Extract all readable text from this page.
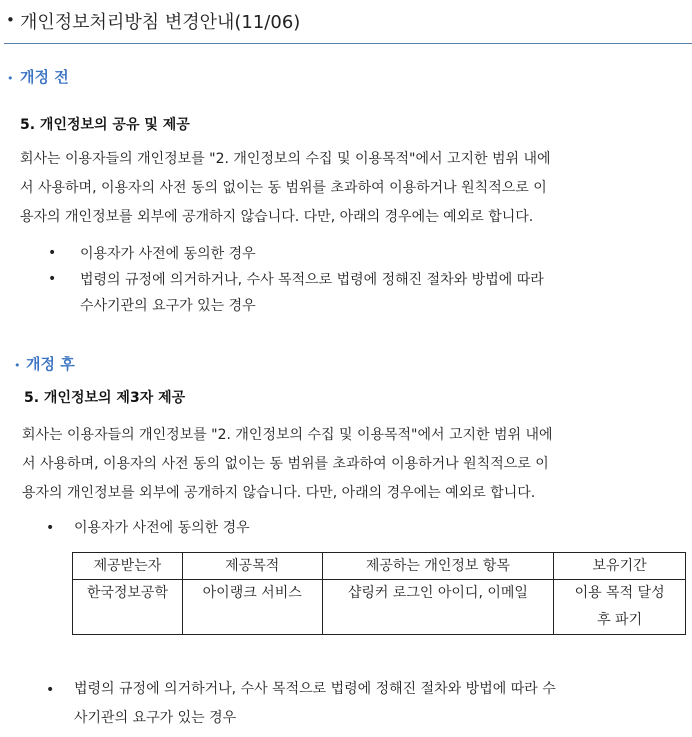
• 개인정보처리방침 변경안내(11/06)
• 개정 전
5. 개인정보의 공유 및 제공
회사는 이용자들의 개인정보를 "2. 개인정보의 수집 및 이용목적"에서 고지한 범위 내에
서 사용하며, 이용자의 사전 동의 없이는 동 범위를 초과하여 이용하거나 원칙적으로 이
용자의 개인정보를 외부에 공개하지 않습니다. 다만, 아래의 경우에는 예외로 합니다.
• 이용자가 사전에 동의한 경우
• 법령의 규정에 의거하거나, 수사 목적으로 법령에 정해진 절차와 방법에 따라
수사기관의 요구가 있는 경우
• 개정 후
5. 개인정보의 제3자 제공
회사는 이용자들의 개인정보를 "2. 개인정보의 수집 및 이용목적"에서 고지한 범위 내에
서 사용하며, 이용자의 사전 동의 없이는 동 범위를 초과하여 이용하거나 원칙적으로 이
용자의 개인정보를 외부에 공개하지 않습니다. 다만, 아래의 경우에는 예외로 합니다.
• 이용자가 사전에 동의한 경우
제공받는자	제공목적	제공하는 개인정보 항목	보유기간
한국정보공학	아이랭크 서비스	샵링커 로그인 아이디, 이메일	이용 목적 달성
후 파기
• 법령의 규정에 의거하거나, 수사 목적으로 법령에 정해진 절차와 방법에 따라 수
사기관의 요구가 있는 경우
